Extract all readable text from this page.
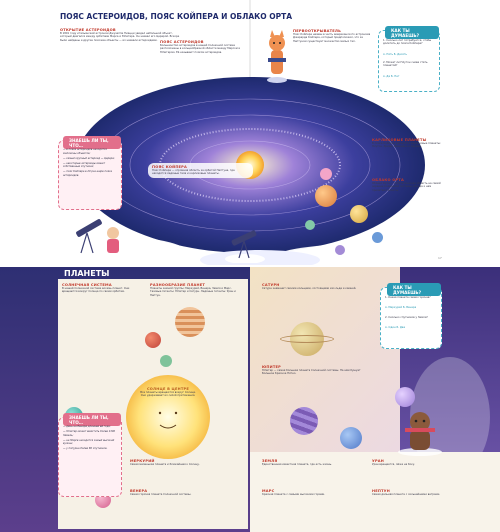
ПОЯС АСТЕРОИДОВ, ПОЯС КОЙПЕРА И ОБЛАКО ОРТА
ОТКРЫТИЕ АСТЕРОИДОВ
В 1801 году итальянский астроном Джузеппе Пиацци увидел небольшой объект, который двигался между орбитами Марса и Юпитера. Он назвал его Церерой. Вскоре были найдены и другие похожие объекты — их назвали астероидами. ПОЯС АСТЕРОИДОВ
Большинство астероидов в нашей Солнечной системе расположены в кольцеобразной области между Марсом и Юпитером. Её называют поясом астероидов.
ПЕРВООТКРЫВАТЕЛЬ
Пояс Койпера назван в честь американского астронома Джерарда Койпера, который предположил, что за Нептуном существует множество малых тел.
ПОЯС КОЙПЕРА
Пояс Койпера — огромная область за орбитой Нептуна, где находятся ледяные тела и карликовые планеты.
КАРЛИКОВЫЕ ПЛАНЕТЫ
В поясе Койпера находятся карликовые планеты: Плутон, Эрида, Макемаке и Хаумеа.
ОБЛАКО ОРТА
Облако Орта — гипотетическая область на самой окраине Солнечной системы, откуда к нам прилетают кометы.
КАК ТЫ ДУМАЕШЬ?
1. Сколько лет потребуется, чтобы долететь до пояса Койпера?
А. Пять Б. Десять
2. Может ли Плутон снова стать планетой?
А. Да Б. Нет
ЗНАЕШЬ ЛИ ТЫ, ЧТО…
— в поясе астероидов находятся миллионы объектов;
— самый крупный астероид — Церера;
— некоторые астероиды имеют собственные спутники;
— пояс Койпера в 20 раз шире пояса астероидов.
17
ПЛАНЕТЫ
СОЛНЕЧНАЯ СИСТЕМА
В нашей Солнечной системе восемь планет. Они вращаются вокруг Солнца по своим орбитам.
РАЗНООБРАЗИЕ ПЛАНЕТ
Планеты земной группы: Меркурий, Венера, Земля и Марс. Газовые гиганты: Юпитер и Сатурн. Ледяные гиганты: Уран и Нептун.
СОЛНЦЕ В ЦЕНТРЕ
Все планеты вращаются вокруг Солнца. Оно удерживает их силой притяжения.
САТУРН
Сатурн знаменит своими кольцами, состоящими изо льда и камней.
ЮПИТЕР
Юпитер — самая большая планета Солнечной системы. На нём бушует Большое Красное Пятно.
МЕРКУРИЙ
Самая маленькая планета и ближайшая к Солнцу.
ВЕНЕРА
Самая горячая планета Солнечной системы.
ЗЕМЛЯ
Единственная известная планета, где есть жизнь.
МАРС
Красная планета с самыми высокими горами.
УРАН
Уран вращается, лёжа на боку.
НЕПТУН
Самая дальняя планета с сильнейшими ветрами.
КАК ТЫ ДУМАЕШЬ?
1. Какая планета самая горячая?
А. Меркурий Б. Венера
2. Сколько спутников у Земли?
А. Один Б. Два
ЗНАЕШЬ ЛИ ТЫ, ЧТО…
— день на Венере длиннее её года;
— Юпитер может вместить более 1300 Земель;
— на Марсе находится самый высокий вулкан;
— у Сатурна более 80 спутников.
